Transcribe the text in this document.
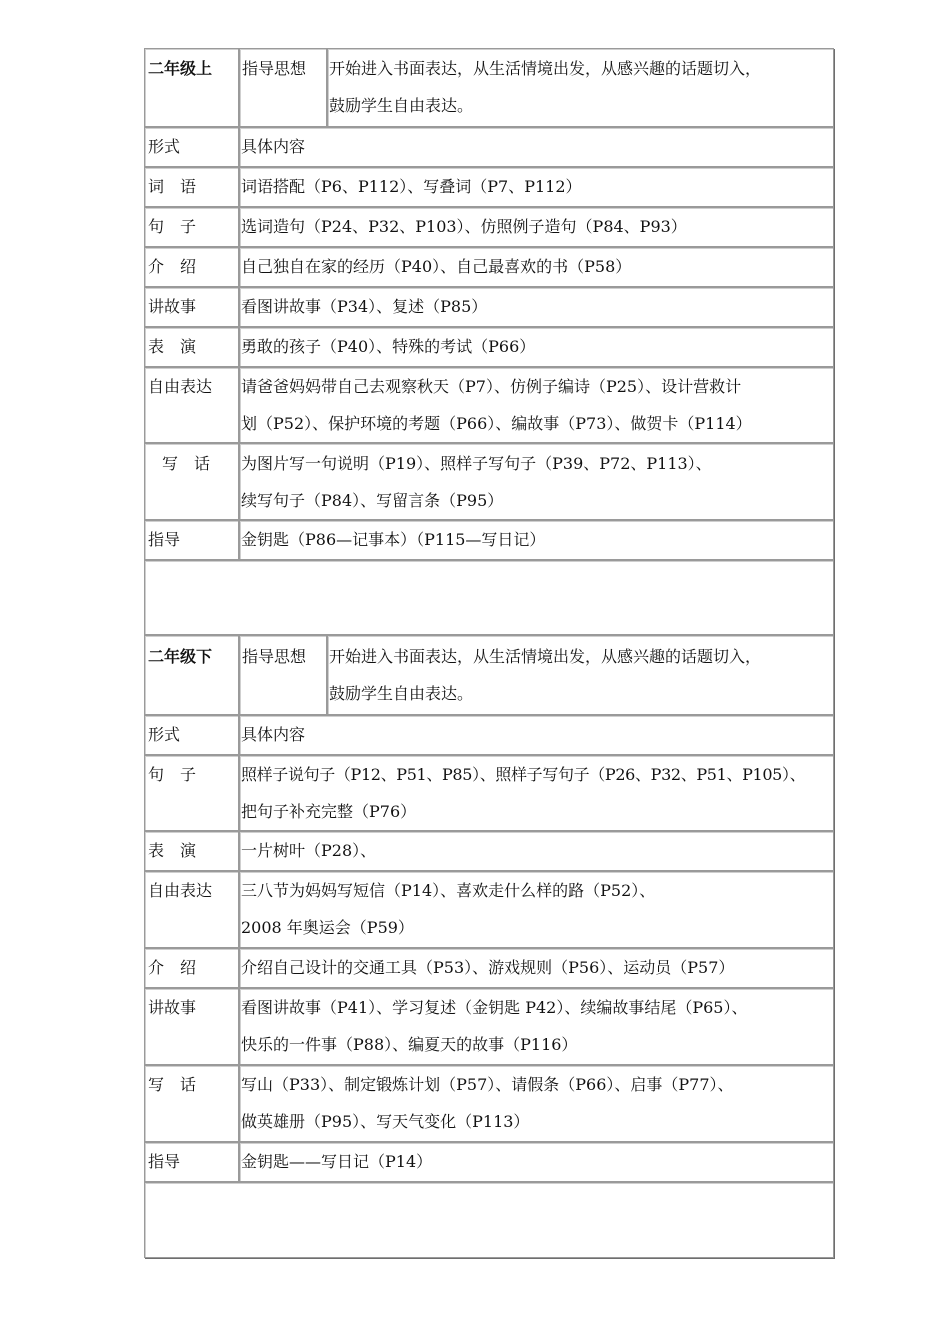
二年级上 指导思想 开始进入书面表达，从生活情境出发，从感兴趣的话题切入，
鼓励学生自由表达。
形式	具体内容
词　语	词语搭配（P6、P112）、写叠词（P7、P112）
句　子	选词造句（P24、P32、P103）、仿照例子造句（P84、P93）
介　绍	自己独自在家的经历（P40）、自己最喜欢的书（P58）
讲故事	看图讲故事（P34）、复述（P85）
表　演	勇敢的孩子（P40）、特殊的考试（P66）
自由表达 请爸爸妈妈带自己去观察秋天（P7）、仿例子编诗（P25）、设计营救计
划（P52）、保护环境的考题（P66）、编故事（P73）、做贺卡（P114）
写　话 为图片写一句说明（P19）、照样子写句子（P39、P72、P113）、
续写句子（P84）、写留言条（P95）
指导	金钥匙（P86—记事本）（P115—写日记）
二年级下 指导思想 开始进入书面表达，从生活情境出发，从感兴趣的话题切入，
鼓励学生自由表达。
形式	具体内容
句　子	照样子说句子（P12、P51、P85）、照样子写句子（P26、P32、P51、P105）、
把句子补充完整（P76）
表　演	一片树叶（P28）、
自由表达 三八节为妈妈写短信（P14）、喜欢走什么样的路（P52）、
2008 年奥运会（P59）
介　绍	介绍自己设计的交通工具（P53）、游戏规则（P56）、运动员（P57）
讲故事	看图讲故事（P41）、学习复述（金钥匙 P42）、续编故事结尾（P65）、
快乐的一件事（P88）、编夏天的故事（P116）
写　话	写山（P33）、制定锻炼计划（P57）、请假条（P66）、启事（P77）、
做英雄册（P95）、写天气变化（P113）
指导	金钥匙——写日记（P14）
